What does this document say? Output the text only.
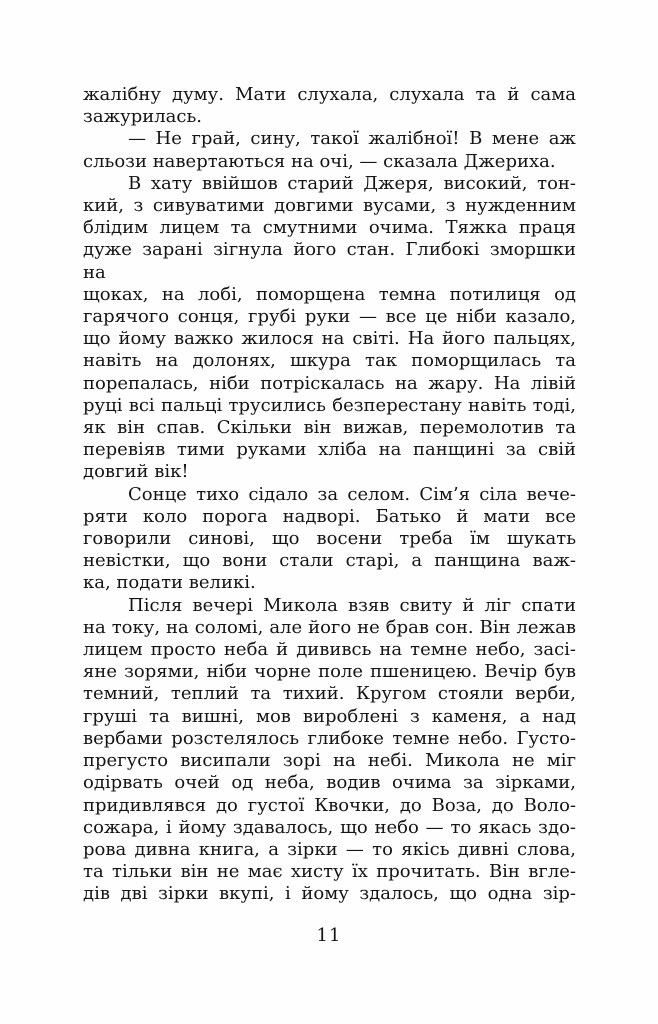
жалібну думу. Мати слухала, слухала та й сама
зажурилась.

— Не грай, сину, такої жалібної! В мене аж
сльози навертаються на очі, — сказала Джериха.

В хату ввійшов старий Джеря, високий, тон-
кий, з сивуватими довгими вусами, з нужденним
блідим лицем та смутними очима. Тяжка праця
дуже зарані зігнула його стан. Глибокі зморшки на
щоках, на лобі, поморщена темна потилиця од
гарячого сонця, грубі руки — все це ніби казало,
що йому важко жилося на світі. На його пальцях,
навіть на долонях, шкура так поморщилась та
порепалась, ніби потріскалась на жару. На лівій
руці всі пальці трусились безперестану навіть тоді,
як він спав. Скільки він вижав, перемолотив та
перевіяв тими руками хліба на панщині за свій
довгий вік!

Сонце тихо сідало за селом. Сім’я сіла вече-
ряти коло порога надворі. Батько й мати все
говорили синові, що восени треба їм шукать
невістки, що вони стали старі, а панщина важ-
ка, подати великі.

Після вечері Микола взяв свиту й ліг спати
на току, на соломі, але його не брав сон. Він лежав
лицем просто неба й дививсь на темне небо, засі-
яне зорями, ніби чорне поле пшеницею. Вечір був
темний, теплий та тихий. Кругом стояли верби,
груші та вишні, мов вироблені з каменя, а над
вербами розстелялось глибоке темне небо. Густо-
прегусто висипали зорі на небі. Микола не міг
одірвать очей од неба, водив очима за зірками,
придивлявся до густої Квочки, до Воза, до Воло-
сожара, і йому здавалось, що небо — то якась здо-
рова дивна книга, а зірки — то якісь дивні слова,
та тільки він не має хисту їх прочитать. Він вгле-
дів дві зірки вкупі, і йому здалось, що одна зір-

11
